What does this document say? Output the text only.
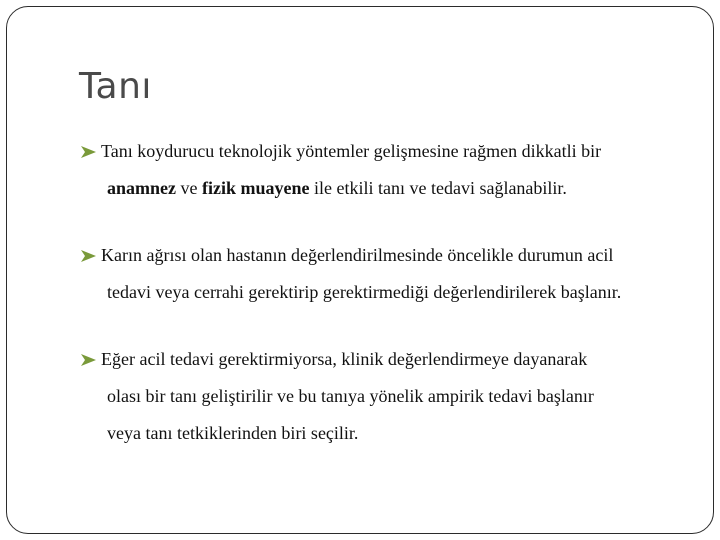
Tanı
Tanı koydurucu teknolojik yöntemler gelişmesine rağmen dikkatli bir
anamnez ve fizik muayene ile etkili tanı ve tedavi sağlanabilir.
Karın ağrısı olan hastanın değerlendirilmesinde öncelikle durumun acil
tedavi veya cerrahi gerektirip gerektirmediği değerlendirilerek başlanır.
Eğer acil tedavi gerektirmiyorsa, klinik değerlendirmeye dayanarak
olası bir tanı geliştirilir ve bu tanıya yönelik ampirik tedavi başlanır
veya tanı tetkiklerinden biri seçilir.
